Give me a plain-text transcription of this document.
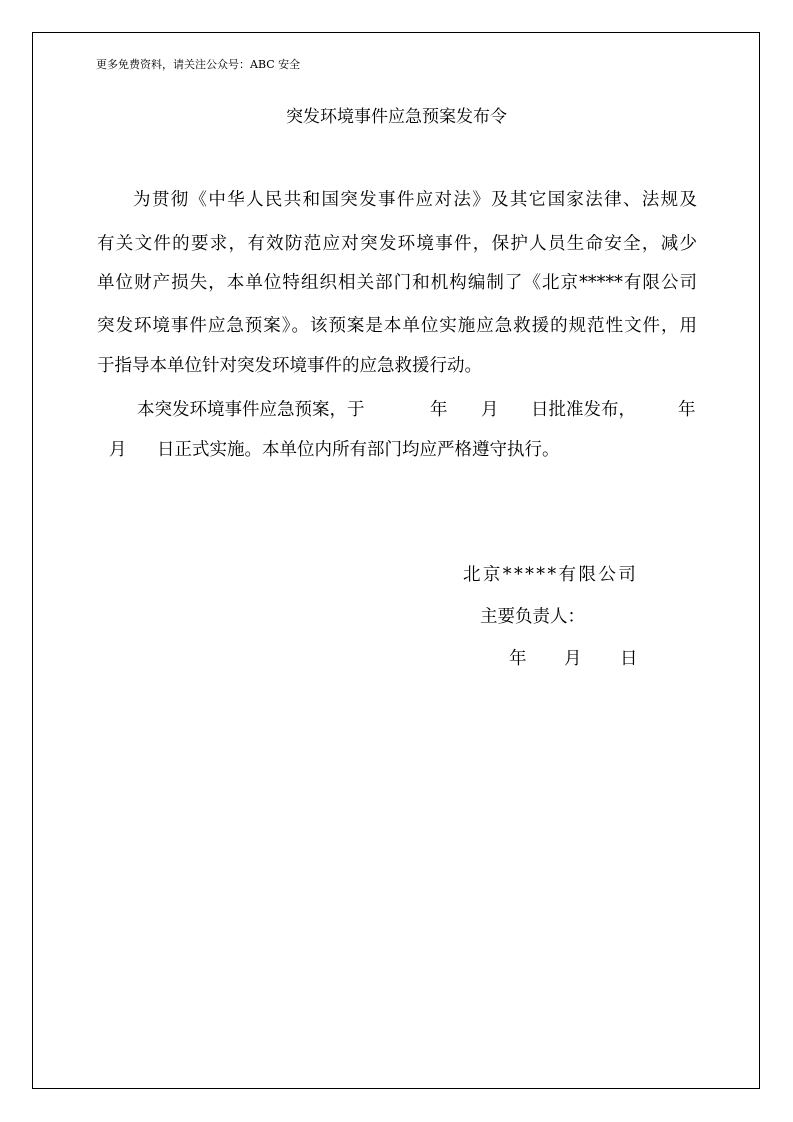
更多免费资料，请关注公众号：ABC 安全
突发环境事件应急预案发布令
为贯彻《中华人民共和国突发事件应对法》及其它国家法律、法规及
有关文件的要求，有效防范应对突发环境事件，保护人员生命安全，减少
单位财产损失，本单位特组织相关部门和机构编制了《北京*****有限公司
突发环境事件应急预案》。该预案是本单位实施应急救援的规范性文件，用
于指导本单位针对突发环境事件的应急救援行动。
本突发环境事件应急预案，于	年 月 日批准发布， 年
月 日正式实施。本单位内所有部门均应严格遵守执行。
北京*****有限公司
主要负责人：
年 月 日
